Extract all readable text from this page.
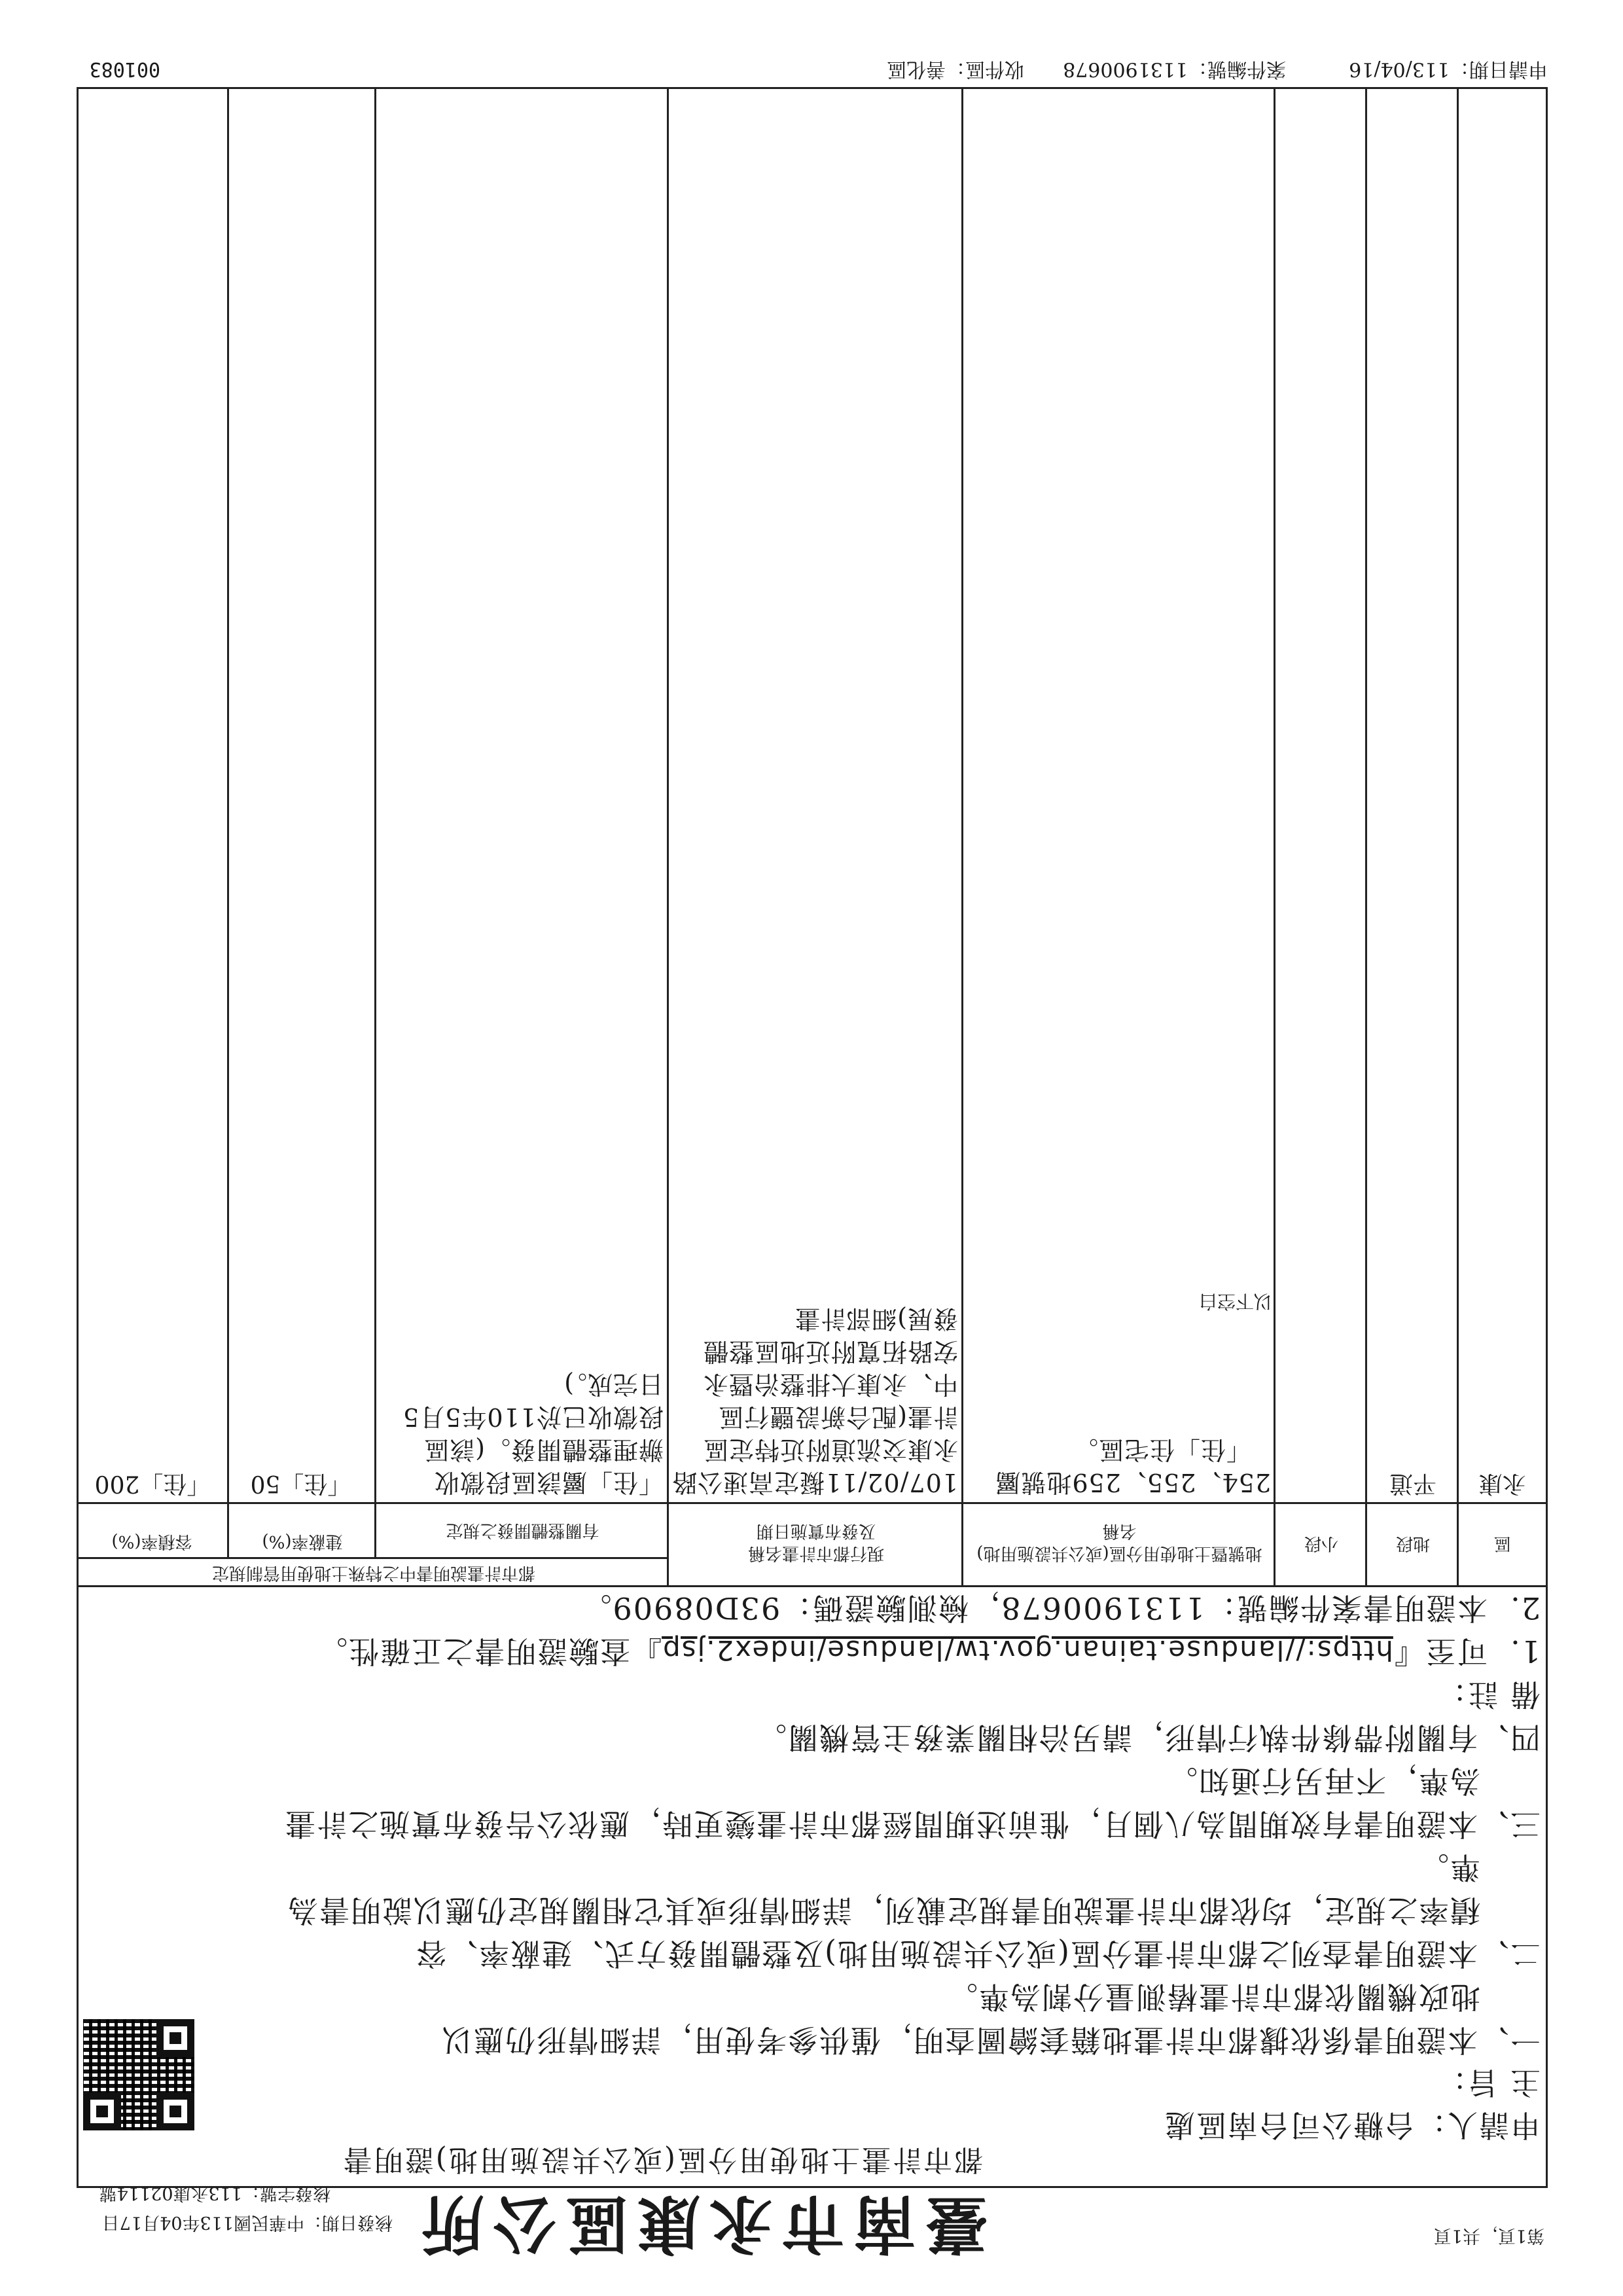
第1頁，共1頁
臺南市永康區公所
核發日期：中華民國113年04月17日
核發字號：113永康02114號
都市計畫土地使用分區(或公共設施用地)證明書
申請人：台糖公司台南區處
主 旨：
一、本證明書係依據都市計畫地籍套繪圖查明，僅供參考使用，詳細情形仍應以
地政機關依都市計畫樁測量分割為準。
二、本證明書查列之都市計畫分區(或公共設施用地)及整體開發方式、建蔽率、容
積率之規定，均依都市計畫說明書規定載列，詳細情形或其它相關規定仍應以說明書為
準。
三、本證明書有效期間為八個月，惟前述期間經都市計畫變更時，應依公告發布實施之計畫
為準，不再另行通知。
四、有關附帶條件執行情形，請另洽相關業務主管機關。
備 註：
1.  可至『https://landuse.tainan.gov.tw/landuse/index2.jsp』查驗證明書之正確性。
2.  本證明書案件編號：1131900678，檢測驗證碼：93D08909。
區
地段
小段
地號暨土地使用分區(或公共設施用地)名稱
現行都市計畫名稱及發布實施日期
都市計畫說明書中之特殊土地使用管制規定
有關整體開發之規定
建蔽率(%)
容積率(%)
永康
平道
254、255、259地號屬
「住」住宅區。
107/02/11擬定高速公路
永康交流道附近特定區
計畫(配合新設鹽行區
中、永康大排整治暨永
安路拓寬附近地區整體
發展)細部計畫
「住」屬該區段徵收
辦理整體開發。(該區
段徵收已於110年5月5
日完成。)
「住」50
「住」200
以下空白
申請日期：113/04/16
案件編號：1131900678
收件區：善化區
001083
